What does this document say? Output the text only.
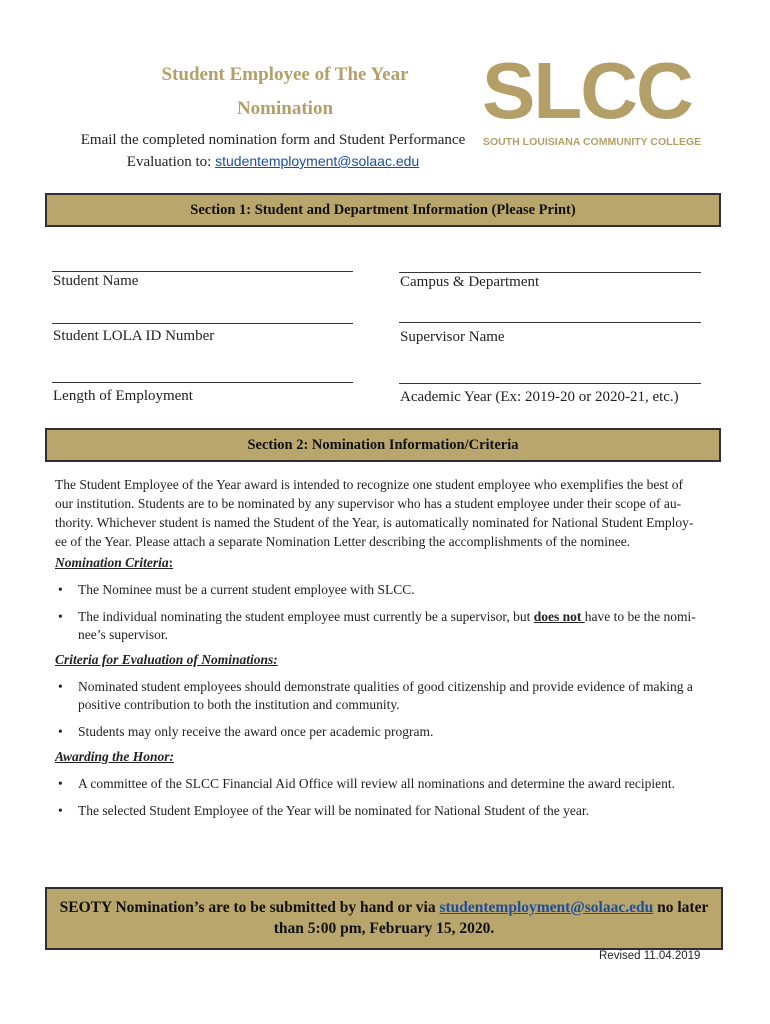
Student Employee of The Year
Nomination
Email the completed nomination form and Student Performance
Evaluation to: studentemployment@solaac.edu
SLCC
SOUTH LOUISIANA COMMUNITY COLLEGE
Section 1: Student and Department Information (Please Print)
Student Name	Campus & Department
Student LOLA ID Number	Supervisor Name
Length of Employment	Academic Year (Ex: 2019-20 or 2020-21, etc.)
Section 2: Nomination Information/Criteria
The Student Employee of the Year award is intended to recognize one student employee who exemplifies the best of
our institution. Students are to be nominated by any supervisor who has a student employee under their scope of au-
thority. Whichever student is named the Student of the Year, is automatically nominated for National Student Employ-
ee of the Year. Please attach a separate Nomination Letter describing the accomplishments of the nominee.
Nomination Criteria:
• The Nominee must be a current student employee with SLCC.
• The individual nominating the student employee must currently be a supervisor, but does not have to be the nomi-
nee’s supervisor.
Criteria for Evaluation of Nominations:
• Nominated student employees should demonstrate qualities of good citizenship and provide evidence of making a
positive contribution to both the institution and community.
• Students may only receive the award once per academic program.
Awarding the Honor:
• A committee of the SLCC Financial Aid Office will review all nominations and determine the award recipient.
• The selected Student Employee of the Year will be nominated for National Student of the year.
SEOTY Nomination’s are to be submitted by hand or via studentemployment@solaac.edu no later
than 5:00 pm, February 15, 2020.
Revised 11.04.2019
